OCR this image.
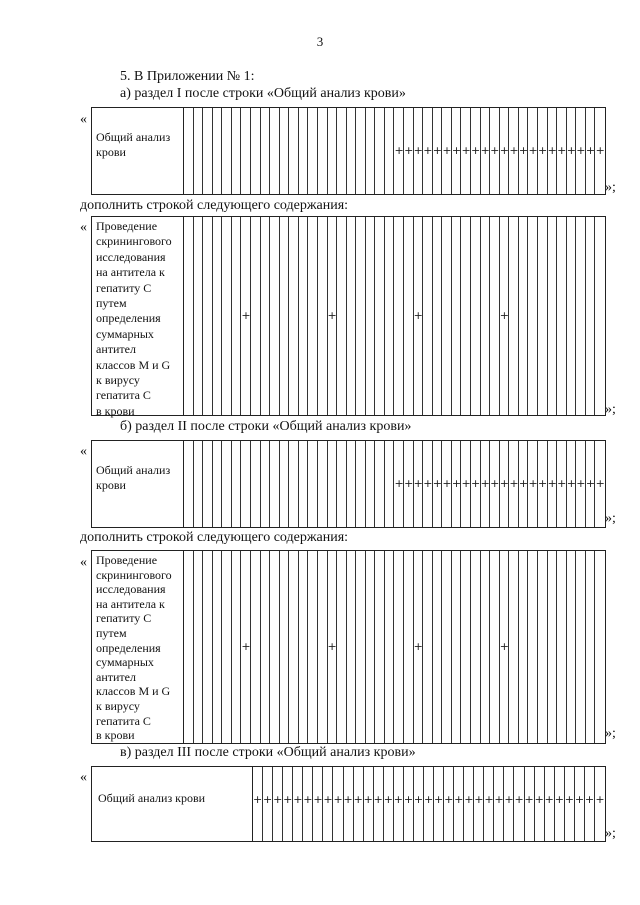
3
5. В Приложении № 1:
а) раздел I после строки «Общий анализ крови»
«
Общий анализ
крови	+ + + + + + + + + + + + + + + + + + + + + +
»;
дополнить строкой следующего содержания:
« Проведение
скринингового
исследования
на антитела к
гепатиту С
путем
определения
суммарных
антител
классов M и G
к вирусу
гепатита С
в крови
+	+	+	+
»;
б) раздел II после строки «Общий анализ крови»
«
Общий анализ
крови	+ + + + + + + + + + + + + + + + + + + + + +
»;
дополнить строкой следующего содержания:
« Проведение
скринингового
исследования
на антитела к
гепатиту С
путем
определения
суммарных
антител
классов M и G
к вирусу
гепатита С
в крови
+	+	+	+
»;
в) раздел III после строки «Общий анализ крови»
«
Общий анализ крови	+ + + + + + + + + + + + + + + + + + + + + + + + + + + + + + + + + + +
»;
